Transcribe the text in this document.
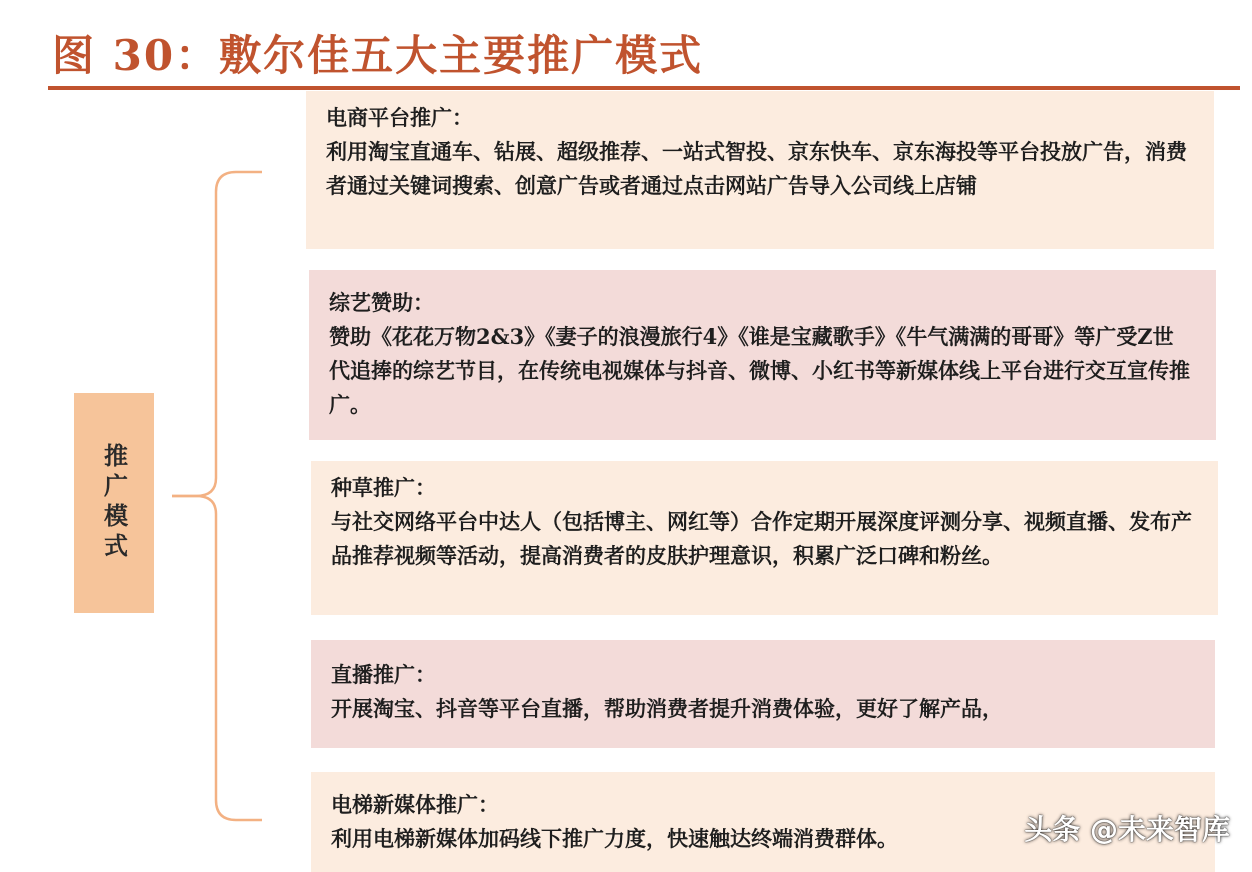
图 30：敷尔佳五大主要推广模式
推广模式
电商平台推广：
利用淘宝直通车、钻展、超级推荐、一站式智投、京东快车、京东海投等平台投放广告，消费者通过关键词搜索、创意广告或者通过点击网站广告导入公司线上店铺
综艺赞助：
赞助《花花万物2&3》《妻子的浪漫旅行4》《谁是宝藏歌手》《牛气满满的哥哥》等广受Z世代追捧的综艺节目，在传统电视媒体与抖音、微博、小红书等新媒体线上平台进行交互宣传推广。
种草推广：
与社交网络平台中达人（包括博主、网红等）合作定期开展深度评测分享、视频直播、发布产品推荐视频等活动，提高消费者的皮肤护理意识，积累广泛口碑和粉丝。
直播推广：
开展淘宝、抖音等平台直播，帮助消费者提升消费体验，更好了解产品，
电梯新媒体推广：
利用电梯新媒体加码线下推广力度，快速触达终端消费群体。	头条 @未来智库
